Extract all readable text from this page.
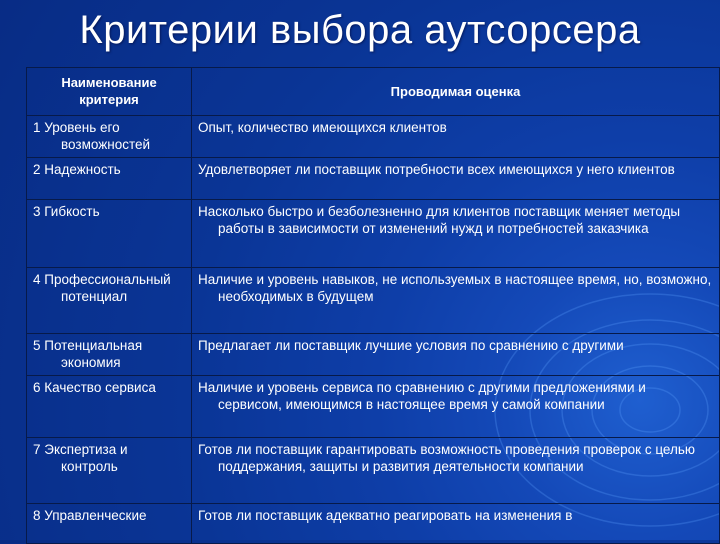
Критерии выбора аутсорсера
Наименование критерия	Проводимая оценка

1 Уровень его возможностей	Опыт, количество имеющихся клиентов

2 Надежность	Удовлетворяет ли поставщик потребности всех имеющихся у него клиентов

3 Гибкость	Насколько быстро и безболезненно для клиентов поставщик меняет методы работы в зависимости от изменений нужд и потребностей заказчика

4 Профессиональный потенциал	Наличие и уровень навыков, не используемых в настоящее время, но, возможно, необходимых в будущем

5 Потенциальная экономия	Предлагает ли поставщик лучшие условия по сравнению с другими

6 Качество сервиса	Наличие и уровень сервиса по сравнению с другими предложениями и сервисом, имеющимся в настоящее время у самой компании

7 Экспертиза и контроль	Готов ли поставщик гарантировать возможность проведения проверок с целью поддержания, защиты и развития деятельности компании

8 Управленческие	Готов ли поставщик адекватно реагировать на изменения в
